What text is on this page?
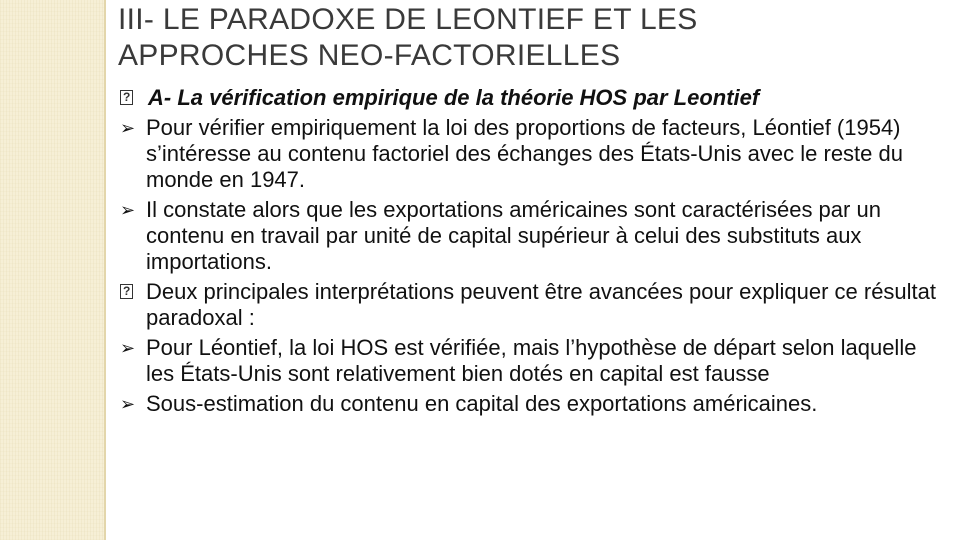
III- LE PARADOXE DE LEONTIEF ET LES
APPROCHES NEO-FACTORIELLES

?
A- La vérification empirique de la théorie HOS par Leontief

➢ Pour vérifier empiriquement la loi des proportions de facteurs, Léontief (1954) s’intéresse au contenu factoriel des échanges des États-Unis avec le reste du monde en 1947.

➢ Il constate alors que les exportations américaines sont caractérisées par un contenu en travail par unité de capital supérieur à celui des substituts aux importations.

?
Deux principales interprétations peuvent être avancées pour expliquer ce résultat paradoxal :

➢ Pour Léontief, la loi HOS est vérifiée, mais l’hypothèse de départ selon laquelle les États-Unis sont relativement bien dotés en capital est fausse

➢ Sous-estimation du contenu en capital des exportations américaines.
